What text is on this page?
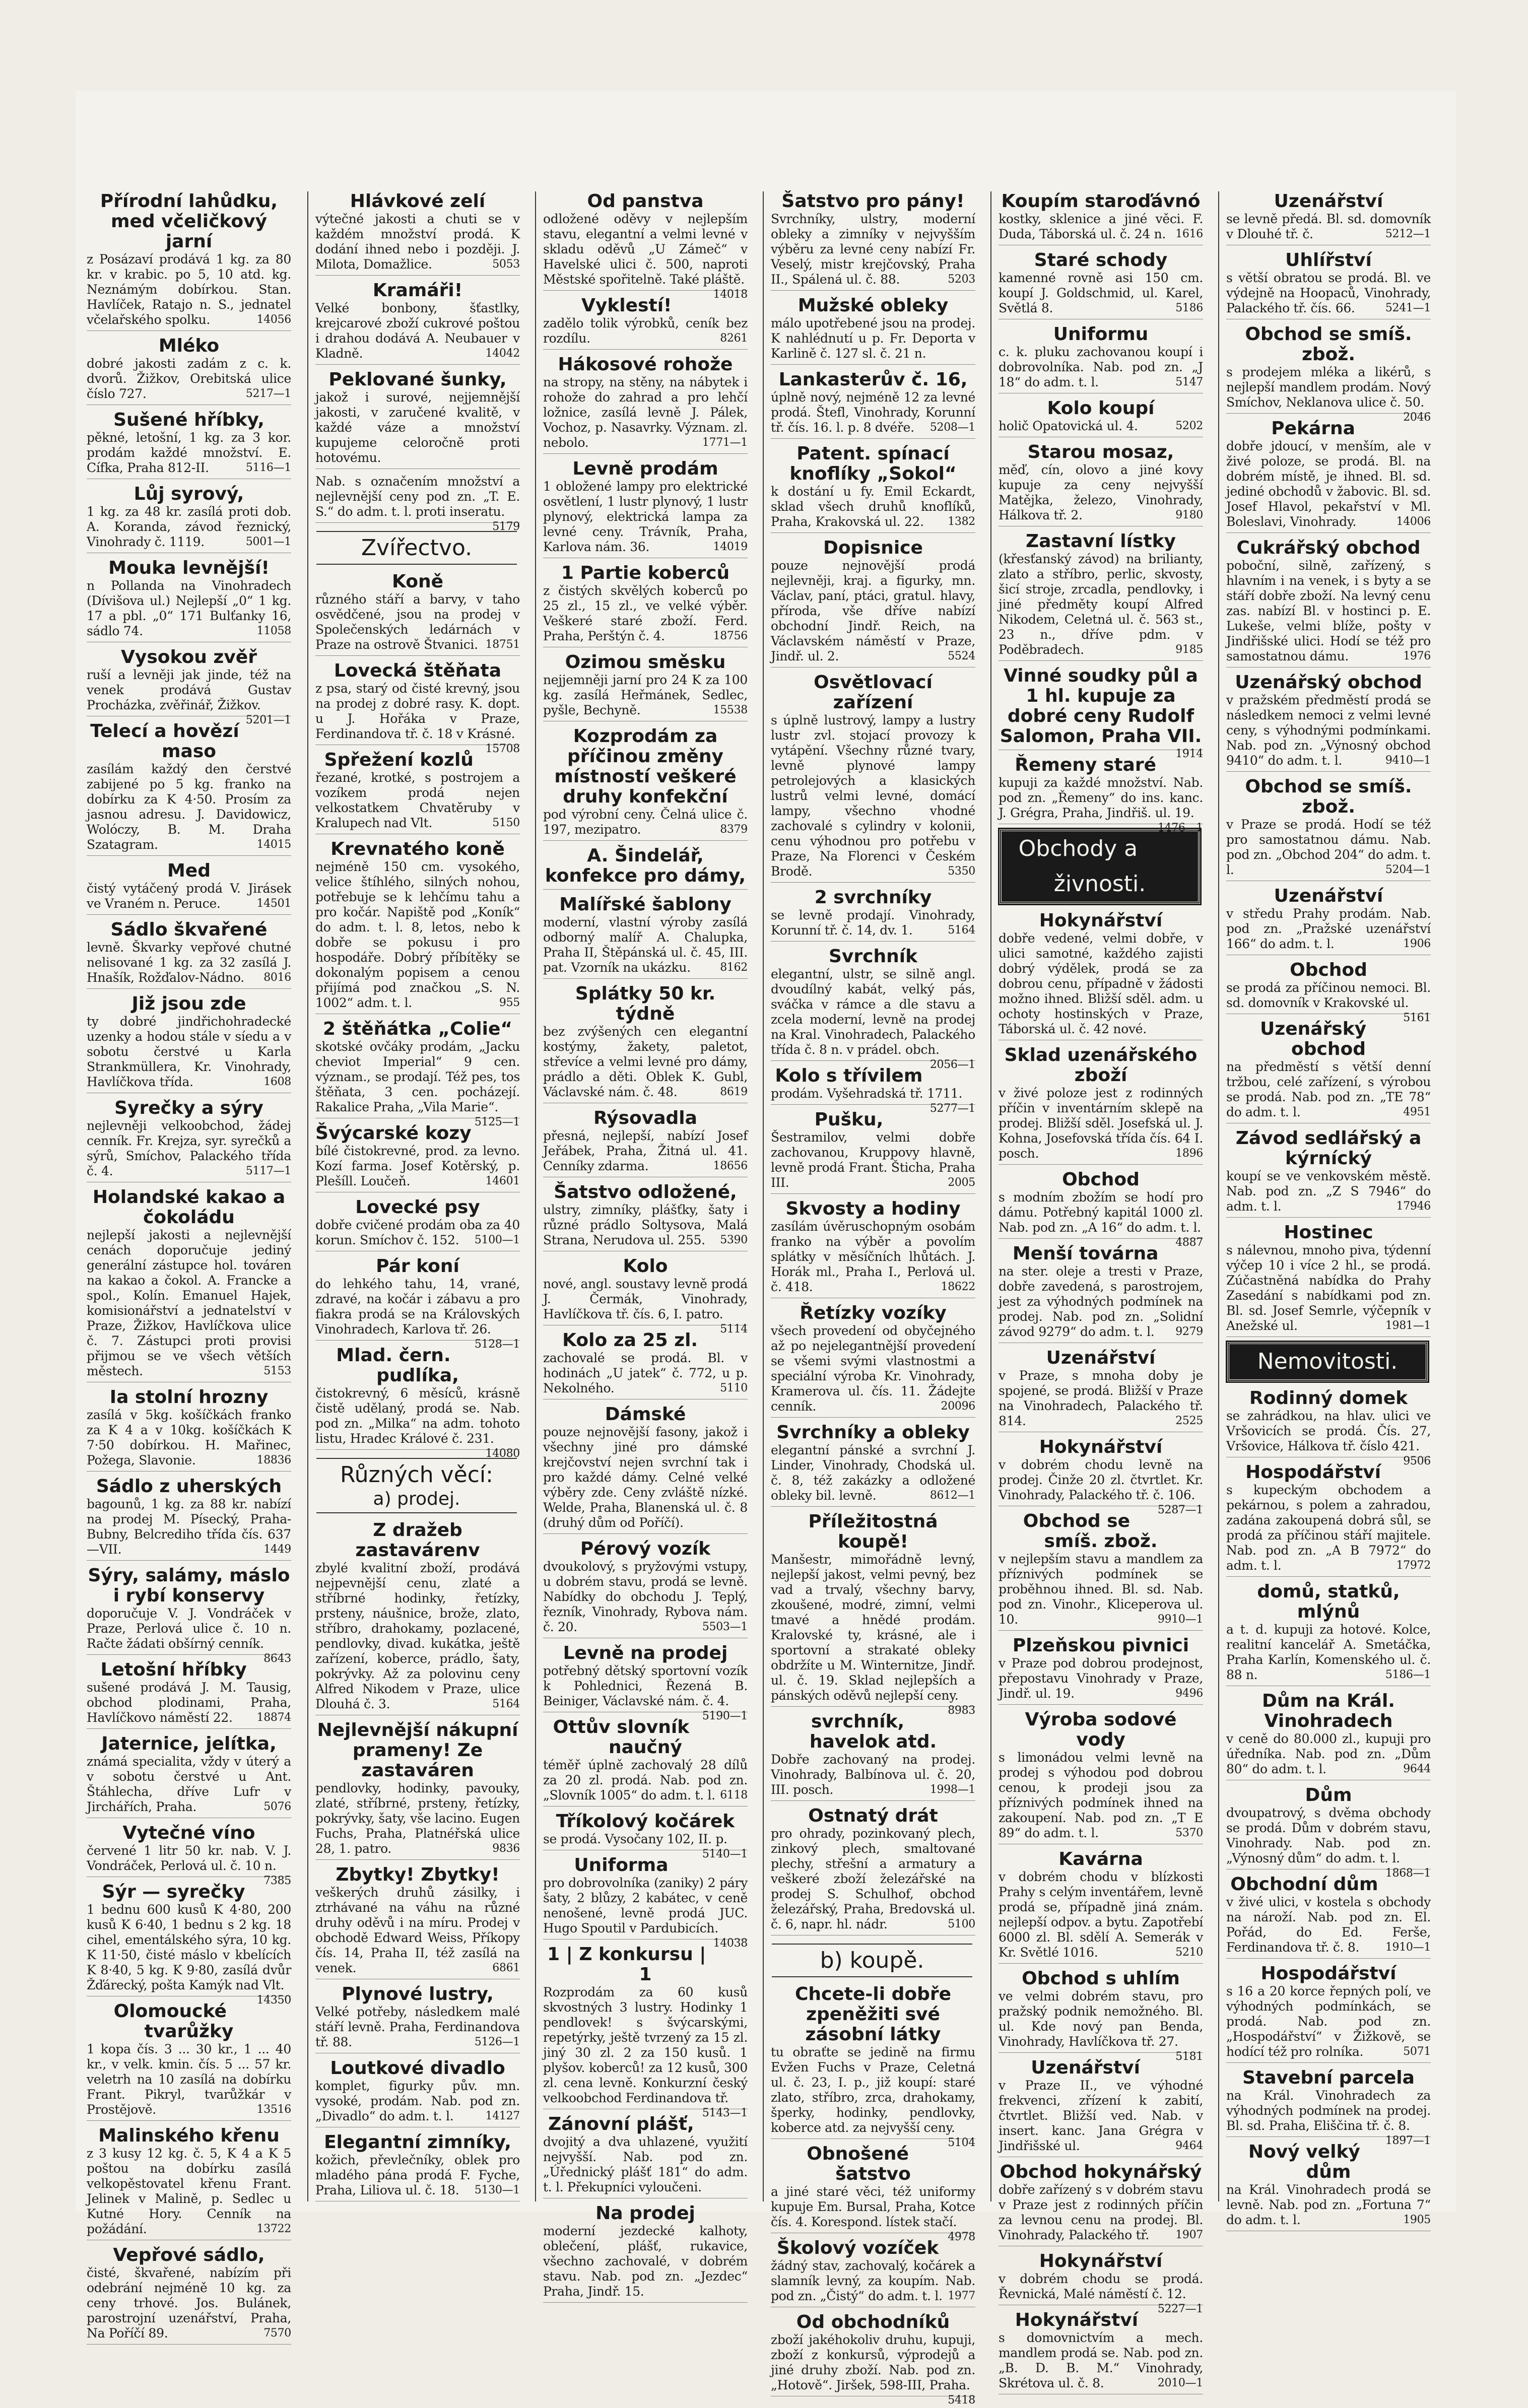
Přírodní lahůdku, med včeličkový jarní
z Posázaví prodává 1 kg. za 80 kr. v krabic. po 5, 10 atd. kg. Neznámým dobírkou. Stan. Havlíček, Ratajo n. S., jednatel včelařského spolku.	14056
Mléko
dobré jakosti zadám z c. k. dvorů. Žižkov, Orebitská ulice číslo 727.	5217—1
Sušené hříbky,
pěkné, letošní, 1 kg. za 3 kor. prodám každé množství. E. Cífka, Praha 812-II.	5116—1
Lůj syrový,
1 kg. za 48 kr. zasílá proti dob. A. Koranda, závod řeznický, Vinohrady č. 1119.	5001—1
Mouka levnější!
n Pollanda na Vinohradech (Dívišova ul.) Nejlepší „0“ 1 kg. 17 a pbl. „0“ 171 Bulťanky 16, sádlo 74.	11058
Vysokou zvěř
ruší a levněji jak jinde, též na venek prodává Gustav Procházka, zvěřinář, Žižkov.
5201—1
Telecí a hovězí maso
zasílám každý den čerstvé zabijené po 5 kg. franko na dobírku za K 4·50. Prosím za jasnou adresu. J. Davidowicz, Wolóczy, B. M. Draha Szatagram.	14015
Med
čistý vytáčený prodá V. Jirásek ve Vraném n. Peruce.	14501
Sádlo škvařené
levně. Škvarky vepřové chutné nelisované 1 kg. za 32 zasílá J. Hnašík, Rožďalov-Nádno. 8016
Již jsou zde
ty dobré jindřichohradecké uzenky a hodou stále v síedu a v sobotu čerstvé u Karla Strankmüllera, Kr. Vinohrady, Havlíčkova třída.	1608
Syrečky a sýry
nejlevněji velkoobchod, žádej cenník. Fr. Krejza, syr. syrečků a sýrů, Smíchov, Palackého třída č. 4.	5117—1
Holandské kakao a čokoládu
nejlepší jakosti a nejlevnější cenách doporučuje jediný generální zástupce hol. továren na kakao a čokol. A. Francke a spol., Kolín. Emanuel Hajek, komisionářství a jednatelství v Praze, Žižkov, Havlíčkova ulice č. 7. Zástupci proti provisi přijmou se ve všech větších městech.	5153
Ia stolní hrozny
zasílá v 5kg. košíčkách franko za K 4 a v 10kg. košíčkách K 7·50 dobírkou. H. Mařinec, Požega, Slavonie.	18836
Sádlo z uherských
bagounů, 1 kg. za 88 kr. nabízí na prodej M. Písecký, Praha-Bubny, Belcrediho třída čís. 637—VII.	1449
Sýry, salámy, máslo i rybí konservy
doporučuje V. J. Vondráček v Praze, Perlová ulice č. 10 n. Račte žádati obšírný cenník.
8643
Letošní hříbky
sušené prodává J. M. Tausig, obchod plodinami, Praha, Havlíčkovo náměstí 22. 18874
Jaternice, jelítka,
známá specialita, vždy v úterý a v sobotu čerstvé u Ant. Štáhlecha, dříve Lufr v Jirchářích, Praha.	5076
Vytečné víno
červené 1 litr 50 kr. nab. V. J. Vondráček, Perlová ul. č. 10 n.
7385
Sýr — syrečky
1 bednu 600 kusů K 4·80, 200 kusů K 6·40, 1 bednu s 2 kg. 18 cihel, ementálského sýra, 10 kg. K 11·50, čisté máslo v kbelících K 8·40, 5 kg. K 9·80, zasílá dvůr Žďárecký, pošta Kamýk nad Vlt.
14350
Olomoucké tvarůžky
1 kopa čís. 3 ... 30 kr., 1 ... 40 kr., v velk. kmin. čís. 5 ... 57 kr. veletrh na 10 zasílá na dobírku Frant. Pikryl, tvarůžkár v Prostějově.	13516
Malinského křenu
z 3 kusy 12 kg. č. 5, K 4 a K 5 poštou na dobírku zasílá velkopěstovatel křenu Frant. Jelinek v Malině, p. Sedlec u Kutné Hory. Cenník na požádání.	13722
Vepřové sádlo,
čisté, škvařené, nabízím při odebrání nejméně 10 kg. za ceny trhové. Jos. Bulánek, parostrojní uzenářství, Praha, Na Poříčí 89.	7570
Hlávkové zelí
výtečné jakosti a chuti se v každém množství prodá. K dodání ihned nebo i později. J. Milota, Domažlice.	5053
Kramáři!
Velké bonbony, šťastlky, krejcarové zboží cukrové poštou i drahou dodává A. Neubauer v Kladně.	14042
Peklované šunky,
jakož i surové, nejjemnější jakosti, v zaručené kvalitě, v každé váze a množství kupujeme celoročně proti hotovému.
Nab. s označením množství a nejlevnější ceny pod zn. „T. E. S.“ do adm. t. l. proti inseratu.
5179
Zvířectvo.
Koně
různého stáří a barvy, v taho osvědčené, jsou na prodej v Společenských ledárnách v Praze na ostrově Štvanici. 18751
Lovecká štěňata
z psa, starý od čisté krevný, jsou na prodej z dobré rasy. K. dopt. u J. Hořáka v Praze, Ferdinandova tř. č. 18 v Krásné.
15708
Spřežení kozlů
řezané, krotké, s postrojem a vozíkem prodá nejen velkostatkem Chvatěruby v Kralupech nad Vlt.	5150
Krevnatého koně
nejméně 150 cm. vysokého, velice štíhlého, silných nohou, potřebuje se k lehčímu tahu a pro kočár. Napiště pod „Koník“ do adm. t. l. 8, letos, nebo k dobře se pokusu i pro hospodáře. Dobrý příbítěky se dokonalým popisem a cenou přijímá pod značkou „S. N. 1002“ adm. t. l.	955
2 štěňátka „Colie“
skotské ovčáky prodám, „Jacku cheviot Imperial“ 9 cen. význam., se prodají. Též pes, tos štěňata, 3 cen. pocházejí. Rakalice Praha, „Vila Marie“.
5125—1
Švýcarské kozy
bílé čistokrevné, prod. za levno. Kozí farma. Josef Kotěrský, p. Plešíll. Loučeň.	14601
Lovecké psy
dobře cvičené prodám oba za 40 korun. Smíchov č. 152. 5100—1
Pár koní
do lehkého tahu, 14, vrané, zdravé, na kočár i zábavu a pro fiakra prodá se na Královských Vinohradech, Karlova tř. 26.
5128—1
Mlad. čern. pudlíka,
čistokrevný, 6 měsíců, krásně čistě udělaný, prodá se. Nab. pod zn. „Milka“ na adm. tohoto listu, Hradec Králové č. 231.
14080
Různých věcí:
a) prodej.
Z dražeb zastavárenv
zbylé kvalitní zboží, prodává nejpevnější cenu, zlaté a stříbrné hodinky, řetízky, prsteny, náušnice, brože, zlato, stříbro, drahokamy, pozlacené, pendlovky, divad. kukátka, ještě zařízení, koberce, prádlo, šaty, pokrývky. Až za polovinu ceny Alfred Nikodem v Praze, ulice Dlouhá č. 3.	5164
Nejlevnější nákupní prameny! Ze zastaváren
pendlovky, hodinky, pavouky, zlaté, stříbrné, prsteny, řetízky, pokrývky, šaty, vše lacino. Eugen Fuchs, Praha, Platnéřská ulice 28, 1. patro.	9836
Zbytky! Zbytky!
veškerých druhů zásilky, i ztrhávané na váhu na různé druhy oděvů i na míru. Prodej v obchodě Edward Weiss, Příkopy čís. 14, Praha II, též zasílá na venek.	6861
Plynové lustry,
Velké potřeby, následkem malé stáří levně. Praha, Ferdinandova tř. 88.	5126—1
Loutkové divadlo
komplet, figurky pův. mn. vysoké, prodám. Nab. pod zn. „Divadlo“ do adm. t. l.	14127
Elegantní zimníky,
kožich, převlečníky, oblek pro mladého pána prodá F. Fyche, Praha, Liliova ul. č. 18. 5130—1
Od panstva
odložené oděvy v nejlepším stavu, elegantní a velmi levné v skladu oděvů „U Zámeč“ v Havelské ulici č. 500, naproti Městské spořitelně. Také pláště.
14018
Vyklestí!
zadělo tolik výrobků, ceník bez rozdílu.	8261
Hákosové rohože
na stropy, na stěny, na nábytek i rohože do zahrad a pro lehčí ložnice, zasílá levně J. Pálek, Vochoz, p. Nasavrky. Význam. zl. nebolo.	1771—1
Levně prodám
1 obložené lampy pro elektrické osvětlení, 1 lustr plynový, 1 lustr plynový, elektrická lampa za levné ceny. Trávník, Praha, Karlova nám. 36.	14019
1 Partie koberců
z čistých skvělých koberců po 25 zl., 15 zl., ve velké výběr. Veškeré staré zboží. Ferd. Praha, Perštýn č. 4.	18756
Ozimou směsku
nejjemněji jarní pro 24 K za 100 kg. zasílá Heřmánek, Sedlec, pyšle, Bechyně.	15538
Kozprodám za příčinou změny místností veškeré druhy konfekční
pod výrobní ceny. Čelná ulice č. 197, mezipatro.	8379
A. Šindelář, konfekce pro dámy,
Malířské šablony
moderní, vlastní výroby zasílá odborný malíř A. Chalupka, Praha II, Štěpánská ul. č. 45, III. pat. Vzorník na ukázku.	8162
Splátky 50 kr. týdně
bez zvýšených cen elegantní kostýmy, žakety, paletot, střevíce a velmi levné pro dámy, prádlo a děti. Oblek K. Gubl, Václavské nám. č. 48.	8619
Rýsovadla
přesná, nejlepší, nabízí Josef Jeřábek, Praha, Žitná ul. 41. Cenníky zdarma.	18656
Šatstvo odložené,
ulstry, zimníky, plášťky, šaty i různé prádlo Soltysova, Malá Strana, Nerudova ul. 255. 5390
Kolo
nové, angl. soustavy levně prodá J. Čermák, Vinohrady, Havlíčkova tř. čís. 6, I. patro.
5114
Kolo za 25 zl.
zachovalé se prodá. Bl. v hodinách „U jatek“ č. 772, u p. Nekolného.	5110
Dámské
pouze nejnovější fasony, jakož i všechny jiné pro dámské krejčovství nejen svrchní tak i pro každé dámy. Celné velké výběry zde. Ceny zvláště nízké. Welde, Praha, Blanenská ul. č. 8 (druhý dům od Poříčí).
Pérový vozík
dvoukolový, s pryžovými vstupy, u dobrém stavu, prodá se levně. Nabídky do obchodu J. Teplý, řezník, Vinohrady, Rybova nám. č. 20.	5503—1
Levně na prodej
potřebný dětský sportovní vozík k Pohlednici, Řezená B. Beiniger, Václavské nám. č. 4.
5190—1
Ottův slovník naučný
téměř úplně zachovalý 28 dílů za 20 zl. prodá. Nab. pod zn. „Slovník 1005“ do adm. t. l. 6118
Tříkolový kočárek
se prodá. Vysočany 102, II. p.
5140—1
Uniforma
pro dobrovolníka (zaniky) 2 páry šaty, 2 blůzy, 2 kabátec, v ceně nenošené, levně prodá JUC. Hugo Spoutil v Pardubicích.
14038
1 | Z konkursu | 1
Rozprodám za 60 kusů skvostných 3 lustry. Hodinky 1 pendlovek! s švýcarskými, repetýrky, ještě tvrzený za 15 zl. jiný 30 zl. 2 za 150 kusů. 1 plyšov. koberců! za 12 kusů, 300 zl. cena levně. Konkurzní český velkoobchod Ferdinandova tř.
5143—1
Zánovní plášť,
dvojitý a dva uhlazené, využití nejvyšší. Nab. pod zn. „Úřednický plášť 181“ do adm. t. l. Překupníci vyloučeni.
Na prodej
moderní jezdecké kalhoty, oblečení, plášť, rukavice, všechno zachovalé, v dobrém stavu. Nab. pod zn. „Jezdec“ Praha, Jindř. 15.
Šatstvo pro pány!
Svrchníky, ulstry, moderní obleky a zimníky v nejvyšším výběru za levné ceny nabízí Fr. Veselý, mistr krejčovský, Praha II., Spálená ul. č. 88.	5203
Mužské obleky
málo upotřebené jsou na prodej. K nahlédnutí u p. Fr. Deporta v Karlině č. 127 sl. č. 21 n.
Lankasterův č. 16,
úplně nový, nejméně 12 za levné prodá. Štefl, Vinohrady, Korunní tř. čís. 16. l. p. 8 dvéře. 5208—1
Patent. spínací knoflíky „Sokol“
k dostání u fy. Emil Eckardt, sklad všech druhů knoflíků, Praha, Krakovská ul. 22. 1382
Dopisnice
pouze nejnovější prodá nejlevněji, kraj. a figurky, mn. Václav, paní, ptáci, gratul. hlavy, příroda, vše dříve nabízí obchodní Jindř. Reich, na Václavském náměstí v Praze, Jindř. ul. 2.	5524
Osvětlovací zařízení
s úplně lustrový, lampy a lustry lustr zvl. stojací provozy k vytápění. Všechny různé tvary, levně plynové lampy petrolejových a klasických lustrů velmi levné, domácí lampy, všechno vhodné zachovalé s cylindry v kolonii, cenu výhodnou pro potřebu v Praze, Na Florenci v Českém Brodě.	5350
2 svrchníky
se levně prodají. Vinohrady, Korunní tř. č. 14, dv. 1.	5164
Svrchník
elegantní, ulstr, se silně angl. dvoudílný kabát, velký pás, sváčka v rámce a dle stavu a zcela moderní, levně na prodej na Kral. Vinohradech, Palackého třída č. 8 n. v prádel. obch.
2056—1
Kolo s třívilem
prodám. Vyšehradská tř. 1711.
5277—1
Pušku,
Šestramilov, velmi dobře zachovanou, Kruppovy hlavně, levně prodá Frant. Šticha, Praha III.	2005
Skvosty a hodiny
zasílám úvěruschopným osobám franko na výběr a povolím splátky v měsíčních lhůtách. J. Horák ml., Praha I., Perlová ul. č. 418.	18622
Řetízky vozíky
všech provedení od obyčejného až po nejelegantnější provedení se všemi svými vlastnostmi a speciální výroba Kr. Vinohrady, Kramerova ul. čís. 11. Žádejte cenník.	20096
Svrchníky a obleky
elegantní pánské a svrchní J. Linder, Vinohrady, Chodská ul. č. 8, též zakázky a odložené obleky bil. levně.	8612—1
Příležitostná koupě!
Manšestr, mimořádně levný, nejlepší jakost, velmi pevný, bez vad a trvalý, všechny barvy, zkoušené, modré, zimní, velmi tmavé a hnědé prodám. Kralovské ty, krásné, ale i sportovní a strakaté obleky obdržíte u M. Winternitze, Jindř. ul. č. 19. Sklad nejlepších a pánských oděvů nejlepší ceny.
8983
svrchník, havelok atd.
Dobře zachovaný na prodej. Vinohrady, Balbínova ul. č. 20, III. posch.	1998—1
Ostnatý drát
pro ohrady, pozinkovaný plech, zinkový plech, smaltované plechy, střešní a armatury a veškeré zboží železářské na prodej S. Schulhof, obchod železářský, Praha, Bredovská ul. č. 6, napr. hl. nádr.	5100
b) koupě.
Chcete-li dobře zpeněžiti své zásobní látky
tu obraťte se jedině na firmu Evžen Fuchs v Praze, Celetná ul. č. 23, I. p., již koupí: staré zlato, stříbro, zrca, drahokamy, šperky, hodinky, pendlovky, koberce atd. za nejvyšší ceny.
5104
Obnošené šatstvo
a jiné staré věci, též uniformy kupuje Em. Bursal, Praha, Kotce čís. 4. Korespond. lístek stačí.
4978
Školový vozíček
žádný stav, zachovalý, kočárek a slamník levný, za koupím. Nab. pod zn. „Čistý“ do adm. t. l. 1977
Od obchodníků
zboží jakéhokoliv druhu, kupuji, zboží z konkursů, výprodejů a jiné druhy zboží. Nab. pod zn. „Hotově“. Jiršek, 598-III, Praha.
5418
Koupím staroďávnó
kostky, sklenice a jiné věci. F. Duda, Táborská ul. č. 24 n. 1616
Staré schody
kamenné rovně asi 150 cm. koupí J. Goldschmid, ul. Karel, Světlá 8.	5186
Uniformu
c. k. pluku zachovanou koupí i dobrovolníka. Nab. pod zn. „J 18“ do adm. t. l.	5147
Kolo koupí
holič Opatovická ul. 4.	5202
Starou mosaz,
měď, cín, olovo a jiné kovy kupuje za ceny nejvyšší Matějka, železo, Vinohrady, Hálkova tř. 2.	9180
Zastavní lístky
(křesťanský závod) na brilianty, zlato a stříbro, perlic, skvosty, šicí stroje, zrcadla, pendlovky, i jiné předměty koupí Alfred Nikodem, Celetná ul. č. 563 st., 23 n., dříve pdm. v Poděbradech.	9185
Vinné soudky půl a 1 hl. kupuje za dobré ceny Rudolf Salomon, Praha VII.
1914
Řemeny staré
kupuji za každé množství. Nab. pod zn. „Řemeny“ do ins. kanc. J. Grégra, Praha, Jindřiš. ul. 19.
1476—1
Obchody a živnosti.
Hokynářství
dobře vedené, velmi dobře, v ulici samotné, každého zajisti dobrý výdělek, prodá se za dobrou cenu, případně v žádosti možno ihned. Bližší sděl. adm. u ochoty hostinských v Praze, Táborská ul. č. 42 nové.
Sklad uzenářského zboží
v živé poloze jest z rodinných příčin v inventárním sklepě na prodej. Bližší sděl. Josefská ul. J. Kohna, Josefovská třída čís. 64 I. posch.	1896
Obchod
s modním zbožím se hodí pro dámu. Potřebný kapitál 1000 zl. Nab. pod zn. „A 16“ do adm. t. l.
4887
Menší továrna
na ster. oleje a tresti v Praze, dobře zavedená, s parostrojem, jest za výhodných podmínek na prodej. Nab. pod zn. „Solidní závod 9279“ do adm. t. l. 9279
Uzenářství
v Praze, s mnoha doby je spojené, se prodá. Bližší v Praze na Vinohradech, Palackého tř. 814.	2525
Hokynářství
v dobrém chodu levně na prodej. Činže 20 zl. čtvrtlet. Kr. Vinohrady, Palackého tř. č. 106.
5287—1
Obchod se smíš. zbož.
v nejlepším stavu a mandlem za příznivých podmínek se proběhnou ihned. Bl. sd. Nab. pod zn. Vinohr., Kliceperova ul. 10.	9910—1
Plzeňskou pivnici
v Praze pod dobrou prodejnost, přepostavu Vinohrady v Praze, Jindř. ul. 19.	9496
Výroba sodové vody
s limonádou velmi levně na prodej s výhodou pod dobrou cenou, k prodeji jsou za příznivých podmínek ihned na zakoupení. Nab. pod zn. „T E 89“ do adm. t. l.	5370
Kavárna
v dobrém chodu v blízkosti Prahy s celým inventářem, levně prodá se, případně jiná znám. nejlepší odpov. a bytu. Zapotřebí 6000 zl. Bl. sdělí A. Semerák v Kr. Světlé 1016.	5210
Obchod s uhlím
ve velmi dobrém stavu, pro pražský podnik nemožného. Bl. ul. Kde nový pan Benda, Vinohrady, Havlíčkova tř. 27.
5181
Uzenářství
v Praze II., ve výhodné frekvenci, zřízení k zabití, čtvrtlet. Bližší ved. Nab. v insert. kanc. Jana Grégra v Jindřišské ul.	9464
Obchod hokynářský
dobře zařízený s v dobrém stavu v Praze jest z rodinných příčin za levnou cenu na prodej. Bl. Vinohrady, Palackého tř. 1907
Hokynářství
v dobrém chodu se prodá. Řevnická, Malé náměstí č. 12.
5227—1
Hokynářství
s domovnictvím a mech. mandlem prodá se. Nab. pod zn. „B. D. B. M.“ Vinohrady, Skrétova ul. č. 8.	2010—1
Uzenářství
se levně předá. Bl. sd. domovník v Dlouhé tř. č.	5212—1
Uhlířství
s větší obratou se prodá. Bl. ve výdejně na Hoopaců, Vinohrady, Palackého tř. čís. 66.	5241—1
Obchod se smíš. zbož.
s prodejem mléka a likérů, s nejlepší mandlem prodám. Nový Smíchov, Neklanova ulice č. 50.
2046
Pekárna
dobře jdoucí, v menším, ale v živé poloze, se prodá. Bl. na dobrém místě, je ihned. Bl. sd. jediné obchodů v žabovic. Bl. sd. Josef Hlavol, pekařství v Ml. Boleslavi, Vinohrady.	14006
Cukrářský obchod
poboční, silně, zařízený, s hlavním i na venek, i s byty a se stáří dobře zboží. Na levný cenu zas. nabízí Bl. v hostinci p. E. Lukeše, velmi blíže, pošty v Jindřišské ulici. Hodí se též pro samostatnou dámu.	1976
Uzenářský obchod
v pražském předměstí prodá se následkem nemoci z velmi levné ceny, s výhodnými podmínkami. Nab. pod zn. „Výnosný obchod 9410“ do adm. t. l.	9410—1
Obchod se smíš. zbož.
v Praze se prodá. Hodí se též pro samostatnou dámu. Nab. pod zn. „Obchod 204“ do adm. t. l.	5204—1
Uzenářství
v středu Prahy prodám. Nab. pod zn. „Pražské uzenářství 166“ do adm. t. l.	1906
Obchod
se prodá za příčinou nemoci. Bl. sd. domovník v Krakovské ul.
5161
Uzenářský obchod
na předměstí s větší denní tržbou, celé zařízení, s výrobou se prodá. Nab. pod zn. „TE 78“ do adm. t. l.	4951
Závod sedlářský a kýrnícký
koupí se ve venkovském městě. Nab. pod zn. „Z S 7946“ do adm. t. l.	17946
Hostinec
s nálevnou, mnoho piva, týdenní výčep 10 i více 2 hl., se prodá. Zúčastněná nabídka do Prahy Zasedání s nabídkami pod zn. Bl. sd. Josef Semrle, výčepník v Anežské ul.	1981—1
Nemovitosti.
Rodinný domek
se zahrádkou, na hlav. ulici ve Vršovicích se prodá. Čís. 27, Vršovice, Hálkova tř. číslo 421.
9506
Hospodářství
s kupeckým obchodem a pekárnou, s polem a zahradou, zadána zakoupená dobrá sůl, se prodá za příčinou stáří majitele. Nab. pod zn. „A B 7972“ do adm. t. l.	17972
domů, statků, mlýnů
a t. d. kupuji za hotové. Kolce, realitní kancelář A. Smetáčka, Praha Karlín, Komenského ul. č. 88 n.	5186—1
Dům na Král. Vinohradech
v ceně do 80.000 zl., kupuji pro úředníka. Nab. pod zn. „Dům 80“ do adm. t. l.	9644
Dům
dvoupatrový, s dvěma obchody se prodá. Dům v dobrém stavu, Vinohrady. Nab. pod zn. „Výnosný dům“ do adm. t. l.
1868—1
Obchodní dům
v živé ulici, v kostela s obchody na nároží. Nab. pod zn. El. Pořád, do Ed. Ferše, Ferdinandova tř. č. 8. 1910—1
Hospodářství
s 16 a 20 korce řepných polí, ve výhodných podmínkách, se prodá. Nab. pod zn. „Hospodářství“ v Žižkově, se hodící též pro rolníka.	5071
Stavební parcela
na Král. Vinohradech za výhodných podmínek na prodej. Bl. sd. Praha, Eliščina tř. č. 8.
1897—1
Nový velký dům
na Král. Vinohradech prodá se levně. Nab. pod zn. „Fortuna 7“ do adm. t. l.	1905
